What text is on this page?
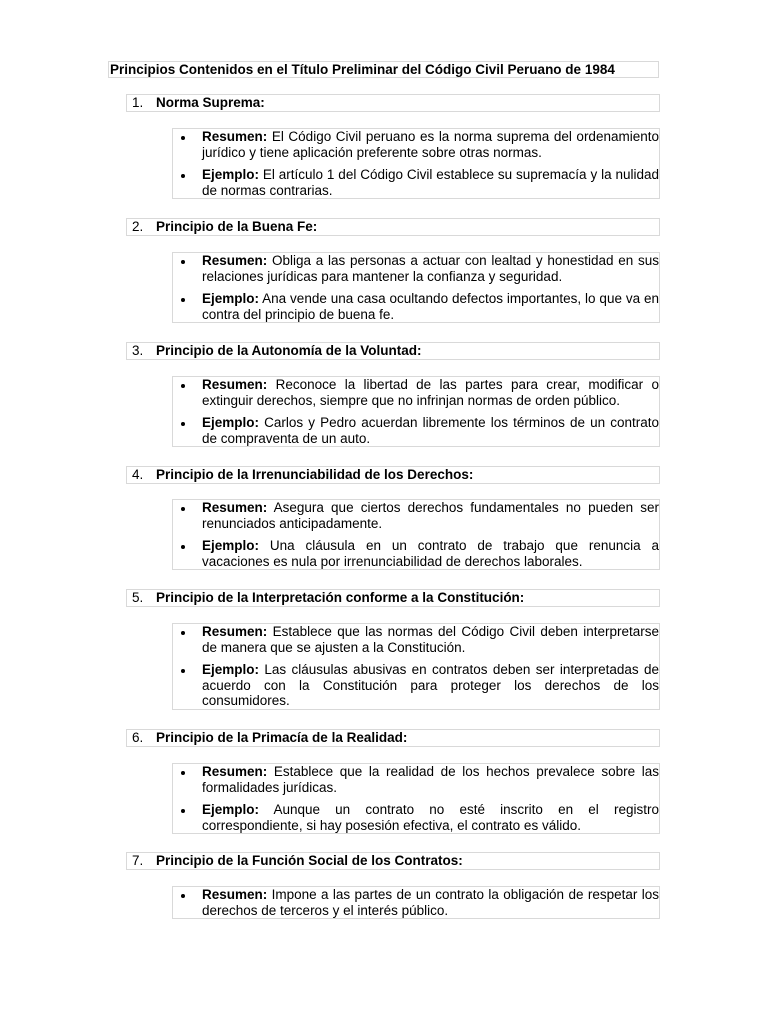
Principios Contenidos en el Título Preliminar del Código Civil Peruano de 1984
1. Norma Suprema:
Resumen: El Código Civil peruano es la norma suprema del ordenamiento jurídico y tiene aplicación preferente sobre otras normas.
Ejemplo: El artículo 1 del Código Civil establece su supremacía y la nulidad de normas contrarias.
2. Principio de la Buena Fe:
Resumen: Obliga a las personas a actuar con lealtad y honestidad en sus relaciones jurídicas para mantener la confianza y seguridad.
Ejemplo: Ana vende una casa ocultando defectos importantes, lo que va en contra del principio de buena fe.
3. Principio de la Autonomía de la Voluntad:
Resumen: Reconoce la libertad de las partes para crear, modificar o extinguir derechos, siempre que no infrinjan normas de orden público.
Ejemplo: Carlos y Pedro acuerdan libremente los términos de un contrato de compraventa de un auto.
4. Principio de la Irrenunciabilidad de los Derechos:
Resumen: Asegura que ciertos derechos fundamentales no pueden ser renunciados anticipadamente.
Ejemplo: Una cláusula en un contrato de trabajo que renuncia a vacaciones es nula por irrenunciabilidad de derechos laborales.
5. Principio de la Interpretación conforme a la Constitución:
Resumen: Establece que las normas del Código Civil deben interpretarse de manera que se ajusten a la Constitución.
Ejemplo: Las cláusulas abusivas en contratos deben ser interpretadas de acuerdo con la Constitución para proteger los derechos de los consumidores.
6. Principio de la Primacía de la Realidad:
Resumen: Establece que la realidad de los hechos prevalece sobre las formalidades jurídicas.
Ejemplo: Aunque un contrato no esté inscrito en el registro correspondiente, si hay posesión efectiva, el contrato es válido.
7. Principio de la Función Social de los Contratos:
Resumen: Impone a las partes de un contrato la obligación de respetar los derechos de terceros y el interés público.
